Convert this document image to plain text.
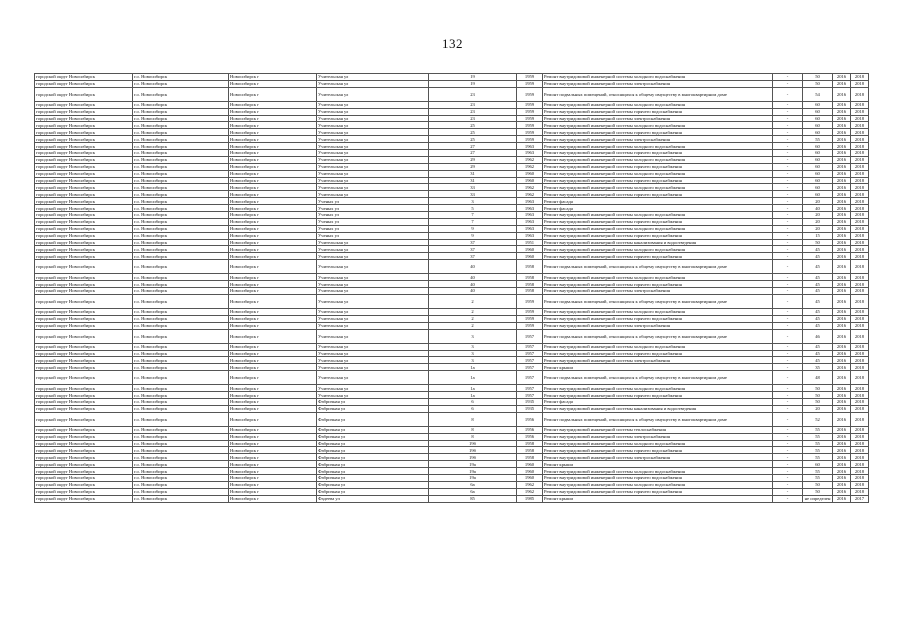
132
городской округ Новосибирск	г.о. Новосибирск	Новосибирск г	Учительская ул	19	1959	Ремонт внутридомовой инженерной системы холодного водоснабжения	-	50	2016	2018
городской округ Новосибирск	г.о. Новосибирск	Новосибирск г	Учительская ул	19	1959	Ремонт внутридомовой инженерной системы электроснабжения	-	50	2016	2018
городской округ Новосибирск	г.о. Новосибирск	Новосибирск г	Учительская ул	23	1959	Ремонт подвальных помещений, относящихся к общему имуществу в многоквартирном доме	-	54	2016	2018
городской округ Новосибирск	г.о. Новосибирск	Новосибирск г	Учительская ул	23	1959	Ремонт внутридомовой инженерной системы холодного водоснабжения	-	60	2016	2018
городской округ Новосибирск	г.о. Новосибирск	Новосибирск г	Учительская ул	23	1959	Ремонт внутридомовой инженерной системы горячего водоснабжения	-	60	2016	2018
городской округ Новосибирск	г.о. Новосибирск	Новосибирск г	Учительская ул	23	1959	Ремонт внутридомовой инженерной системы электроснабжения	-	60	2016	2018
городской округ Новосибирск	г.о. Новосибирск	Новосибирск г	Учительская ул	25	1959	Ремонт внутридомовой инженерной системы холодного водоснабжения	-	60	2016	2018
городской округ Новосибирск	г.о. Новосибирск	Новосибирск г	Учительская ул	25	1959	Ремонт внутридомовой инженерной системы горячего водоснабжения	-	60	2016	2018
городской округ Новосибирск	г.о. Новосибирск	Новосибирск г	Учительская ул	25	1959	Ремонт внутридомовой инженерной системы электроснабжения	-	55	2016	2018
городской округ Новосибирск	г.о. Новосибирск	Новосибирск г	Учительская ул	27	1963	Ремонт внутридомовой инженерной системы холодного водоснабжения	-	60	2016	2018
городской округ Новосибирск	г.о. Новосибирск	Новосибирск г	Учительская ул	27	1963	Ремонт внутридомовой инженерной системы горячего водоснабжения	-	60	2016	2018
городской округ Новосибирск	г.о. Новосибирск	Новосибирск г	Учительская ул	29	1962	Ремонт внутридомовой инженерной системы холодного водоснабжения	-	60	2016	2018
городской округ Новосибирск	г.о. Новосибирск	Новосибирск г	Учительская ул	29	1962	Ремонт внутридомовой инженерной системы горячего водоснабжения	-	60	2016	2018
городской округ Новосибирск	г.о. Новосибирск	Новосибирск г	Учительская ул	31	1960	Ремонт внутридомовой инженерной системы холодного водоснабжения	-	60	2016	2018
городской округ Новосибирск	г.о. Новосибирск	Новосибирск г	Учительская ул	31	1960	Ремонт внутридомовой инженерной системы горячего водоснабжения	-	60	2016	2018
городской округ Новосибирск	г.о. Новосибирск	Новосибирск г	Учительская ул	33	1962	Ремонт внутридомовой инженерной системы холодного водоснабжения	-	60	2016	2018
городской округ Новосибирск	г.о. Новосибирск	Новосибирск г	Учительская ул	33	1962	Ремонт внутридомовой инженерной системы горячего водоснабжения	-	60	2016	2018
городской округ Новосибирск	г.о. Новосибирск	Новосибирск г	Ученых ул	3	1963	Ремонт фасада	-	20	2016	2018
городской округ Новосибирск	г.о. Новосибирск	Новосибирск г	Ученых ул	5	1963	Ремонт фасада	-	40	2016	2018
городской округ Новосибирск	г.о. Новосибирск	Новосибирск г	Ученых ул	7	1963	Ремонт внутридомовой инженерной системы холодного водоснабжения	-	20	2016	2018
городской округ Новосибирск	г.о. Новосибирск	Новосибирск г	Ученых ул	7	1963	Ремонт внутридомовой инженерной системы горячего водоснабжения	-	20	2016	2018
городской округ Новосибирск	г.о. Новосибирск	Новосибирск г	Ученых ул	9	1963	Ремонт внутридомовой инженерной системы холодного водоснабжения	-	20	2016	2018
городской округ Новосибирск	г.о. Новосибирск	Новосибирск г	Ученых ул	9	1963	Ремонт внутридомовой инженерной системы горячего водоснабжения	-	15	2016	2018
городской округ Новосибирск	г.о. Новосибирск	Новосибирск г	Учительская ул	37	1951	Ремонт внутридомовой инженерной системы канализования и водоотведения	-	50	2016	2018
городской округ Новосибирск	г.о. Новосибирск	Новосибирск г	Учительская ул	37	1960	Ремонт внутридомовой инженерной системы холодного водоснабжения	-	45	2016	2018
городской округ Новосибирск	г.о. Новосибирск	Новосибирск г	Учительская ул	37	1960	Ремонт внутридомовой инженерной системы горячего водоснабжения	-	45	2016	2018
городской округ Новосибирск	г.о. Новосибирск	Новосибирск г	Учительская ул	40	1958	Ремонт подвальных помещений, относящихся к общему имуществу в многоквартирном доме	-	45	2016	2018
городской округ Новосибирск	г.о. Новосибирск	Новосибирск г	Учительская ул	40	1958	Ремонт внутридомовой инженерной системы холодного водоснабжения	-	45	2016	2018
городской округ Новосибирск	г.о. Новосибирск	Новосибирск г	Учительская ул	40	1958	Ремонт внутридомовой инженерной системы горячего водоснабжения	-	45	2016	2018
городской округ Новосибирск	г.о. Новосибирск	Новосибирск г	Учительская ул	40	1958	Ремонт внутридомовой инженерной системы электроснабжения	-	45	2016	2018
городской округ Новосибирск	г.о. Новосибирск	Новосибирск г	Учительская ул	2	1959	Ремонт подвальных помещений, относящихся к общему имуществу в многоквартирном доме	-	45	2016	2018
городской округ Новосибирск	г.о. Новосибирск	Новосибирск г	Учительская ул	2	1959	Ремонт внутридомовой инженерной системы холодного водоснабжения	-	45	2016	2018
городской округ Новосибирск	г.о. Новосибирск	Новосибирск г	Учительская ул	2	1959	Ремонт внутридомовой инженерной системы горячего водоснабжения	-	45	2016	2018
городской округ Новосибирск	г.о. Новосибирск	Новосибирск г	Учительская ул	2	1959	Ремонт внутридомовой инженерной системы электроснабжения	-	45	2016	2018
городской округ Новосибирск	г.о. Новосибирск	Новосибирск г	Учительская ул	3	1957	Ремонт подвальных помещений, относящихся к общему имуществу в многоквартирном доме	-	46	2016	2018
городской округ Новосибирск	г.о. Новосибирск	Новосибирск г	Учительская ул	3	1957	Ремонт внутридомовой инженерной системы холодного водоснабжения	-	45	2016	2018
городской округ Новосибирск	г.о. Новосибирск	Новосибирск г	Учительская ул	3	1957	Ремонт внутридомовой инженерной системы горячего водоснабжения	-	45	2016	2018
городской округ Новосибирск	г.о. Новосибирск	Новосибирск г	Учительская ул	3	1957	Ремонт внутридомовой инженерной системы электроснабжения	-	45	2016	2018
городской округ Новосибирск	г.о. Новосибирск	Новосибирск г	Учительская ул	1а	1957	Ремонт крыши	-	35	2016	2018
городской округ Новосибирск	г.о. Новосибирск	Новосибирск г	Учительская ул	1а	1957	Ремонт подвальных помещений, относящихся к общему имуществу в многоквартирном доме	-	48	2016	2018
городской округ Новосибирск	г.о. Новосибирск	Новосибирск г	Учительская ул	1а	1957	Ремонт внутридомовой инженерной системы холодного водоснабжения	-	50	2016	2018
городской округ Новосибирск	г.о. Новосибирск	Новосибирск г	Учительская ул	1а	1957	Ремонт внутридомовой инженерной системы горячего водоснабжения	-	50	2016	2018
городской округ Новосибирск	г.о. Новосибирск	Новосибирск г	Фабричная ул	6	1935	Ремонт фасада	-	50	2016	2018
городской округ Новосибирск	г.о. Новосибирск	Новосибирск г	Фабричная ул	6	1935	Ремонт внутридомовой инженерной системы канализования и водоотведения	-	20	2016	2018
городской округ Новосибирск	г.о. Новосибирск	Новосибирск г	Фабричная ул	8	1956	Ремонт подвальных помещений, относящихся к общему имуществу в многоквартирном доме	-	52	2016	2018
городской округ Новосибирск	г.о. Новосибирск	Новосибирск г	Фабричная ул	8	1956	Ремонт внутридомовой инженерной системы теплоснабжения	-	55	2016	2018
городской округ Новосибирск	г.о. Новосибирск	Новосибирск г	Фабричная ул	8	1956	Ремонт внутридомовой инженерной системы электроснабжения	-	55	2016	2018
городской округ Новосибирск	г.о. Новосибирск	Новосибирск г	Фабричная ул	19б	1958	Ремонт внутридомовой инженерной системы холодного водоснабжения	-	55	2016	2018
городской округ Новосибирск	г.о. Новосибирск	Новосибирск г	Фабричная ул	19б	1958	Ремонт внутридомовой инженерной системы горячего водоснабжения	-	55	2016	2018
городской округ Новосибирск	г.о. Новосибирск	Новосибирск г	Фабричная ул	19б	1958	Ремонт внутридомовой инженерной системы электроснабжения	-	55	2016	2018
городской округ Новосибирск	г.о. Новосибирск	Новосибирск г	Фабричная ул	19а	1960	Ремонт крыши	-	60	2016	2018
городской округ Новосибирск	г.о. Новосибирск	Новосибирск г	Фабричная ул	19а	1960	Ремонт внутридомовой инженерной системы холодного водоснабжения	-	55	2016	2018
городской округ Новосибирск	г.о. Новосибирск	Новосибирск г	Фабричная ул	19а	1960	Ремонт внутридомовой инженерной системы горячего водоснабжения	-	55	2016	2018
городской округ Новосибирск	г.о. Новосибирск	Новосибирск г	Фабричная ул	6а	1962	Ремонт внутридомовой инженерной системы холодного водоснабжения	-	50	2016	2018
городской округ Новосибирск	г.о. Новосибирск	Новосибирск г	Фабричная ул	6а	1962	Ремонт внутридомовой инженерной системы горячего водоснабжения	-	50	2016	2018
городской округ Новосибирск	г.о. Новосибирск	Новосибирск г	Фадеева ул	85	1985	Ремонт крыши	-	не определен	2016	2017
